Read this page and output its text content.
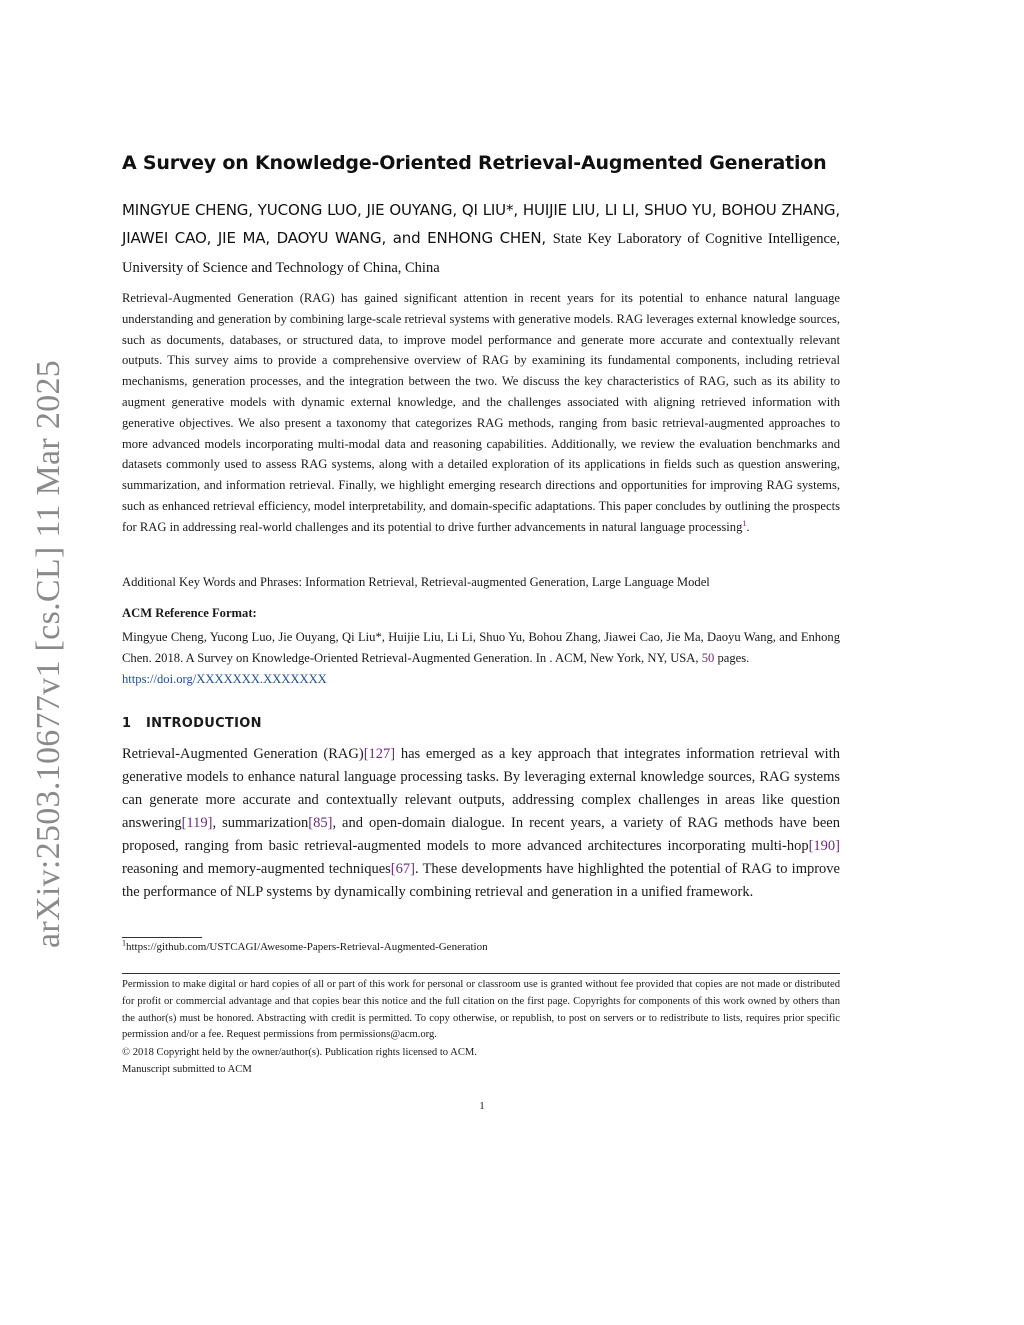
arXiv:2503.10677v1 [cs.CL] 11 Mar 2025
A Survey on Knowledge-Oriented Retrieval-Augmented Generation
MINGYUE CHENG, YUCONG LUO, JIE OUYANG, QI LIU*, HUIJIE LIU, LI LI, SHUO YU, BOHOU ZHANG, JIAWEI CAO, JIE MA, DAOYU WANG, and ENHONG CHEN, State Key Laboratory of Cognitive Intelligence, University of Science and Technology of China, China
Retrieval-Augmented Generation (RAG) has gained significant attention in recent years for its potential to enhance natural language understanding and generation by combining large-scale retrieval systems with generative models. RAG leverages external knowledge sources, such as documents, databases, or structured data, to improve model performance and generate more accurate and contextually relevant outputs. This survey aims to provide a comprehensive overview of RAG by examining its fundamental components, including retrieval mechanisms, generation processes, and the integration between the two. We discuss the key characteristics of RAG, such as its ability to augment generative models with dynamic external knowledge, and the challenges associated with aligning retrieved information with generative objectives. We also present a taxonomy that categorizes RAG methods, ranging from basic retrieval-augmented approaches to more advanced models incorporating multi-modal data and reasoning capabilities. Additionally, we review the evaluation benchmarks and datasets commonly used to assess RAG systems, along with a detailed exploration of its applications in fields such as question answering, summarization, and information retrieval. Finally, we highlight emerging research directions and opportunities for improving RAG systems, such as enhanced retrieval efficiency, model interpretability, and domain-specific adaptations. This paper concludes by outlining the prospects for RAG in addressing real-world challenges and its potential to drive further advancements in natural language processing$^1$.
Additional Key Words and Phrases: Information Retrieval, Retrieval-augmented Generation, Large Language Model
ACM Reference Format:
Mingyue Cheng, Yucong Luo, Jie Ouyang, Qi Liu*, Huijie Liu, Li Li, Shuo Yu, Bohou Zhang, Jiawei Cao, Jie Ma, Daoyu Wang, and Enhong Chen. 2018. A Survey on Knowledge-Oriented Retrieval-Augmented Generation. In . ACM, New York, NY, USA, 50 pages.
https://doi.org/XXXXXXX.XXXXXXX
1 INTRODUCTION
Retrieval-Augmented Generation (RAG)[127] has emerged as a key approach that integrates information retrieval with generative models to enhance natural language processing tasks. By leveraging external knowledge sources, RAG systems can generate more accurate and contextually relevant outputs, addressing complex challenges in areas like question answering[119], summarization[85], and open-domain dialogue. In recent years, a variety of RAG methods have been proposed, ranging from basic retrieval-augmented models to more advanced architectures incorporating multi-hop[190] reasoning and memory-augmented techniques[67]. These developments have highlighted the potential of RAG to improve the performance of NLP systems by dynamically combining retrieval and generation in a unified framework.
$^1$https://github.com/USTCAGI/Awesome-Papers-Retrieval-Augmented-Generation
Permission to make digital or hard copies of all or part of this work for personal or classroom use is granted without fee provided that copies are not made or distributed for profit or commercial advantage and that copies bear this notice and the full citation on the first page. Copyrights for components of this work owned by others than the author(s) must be honored. Abstracting with credit is permitted. To copy otherwise, or republish, to post on servers or to redistribute to lists, requires prior specific permission and/or a fee. Request permissions from permissions@acm.org.
© 2018 Copyright held by the owner/author(s). Publication rights licensed to ACM.
Manuscript submitted to ACM
1
